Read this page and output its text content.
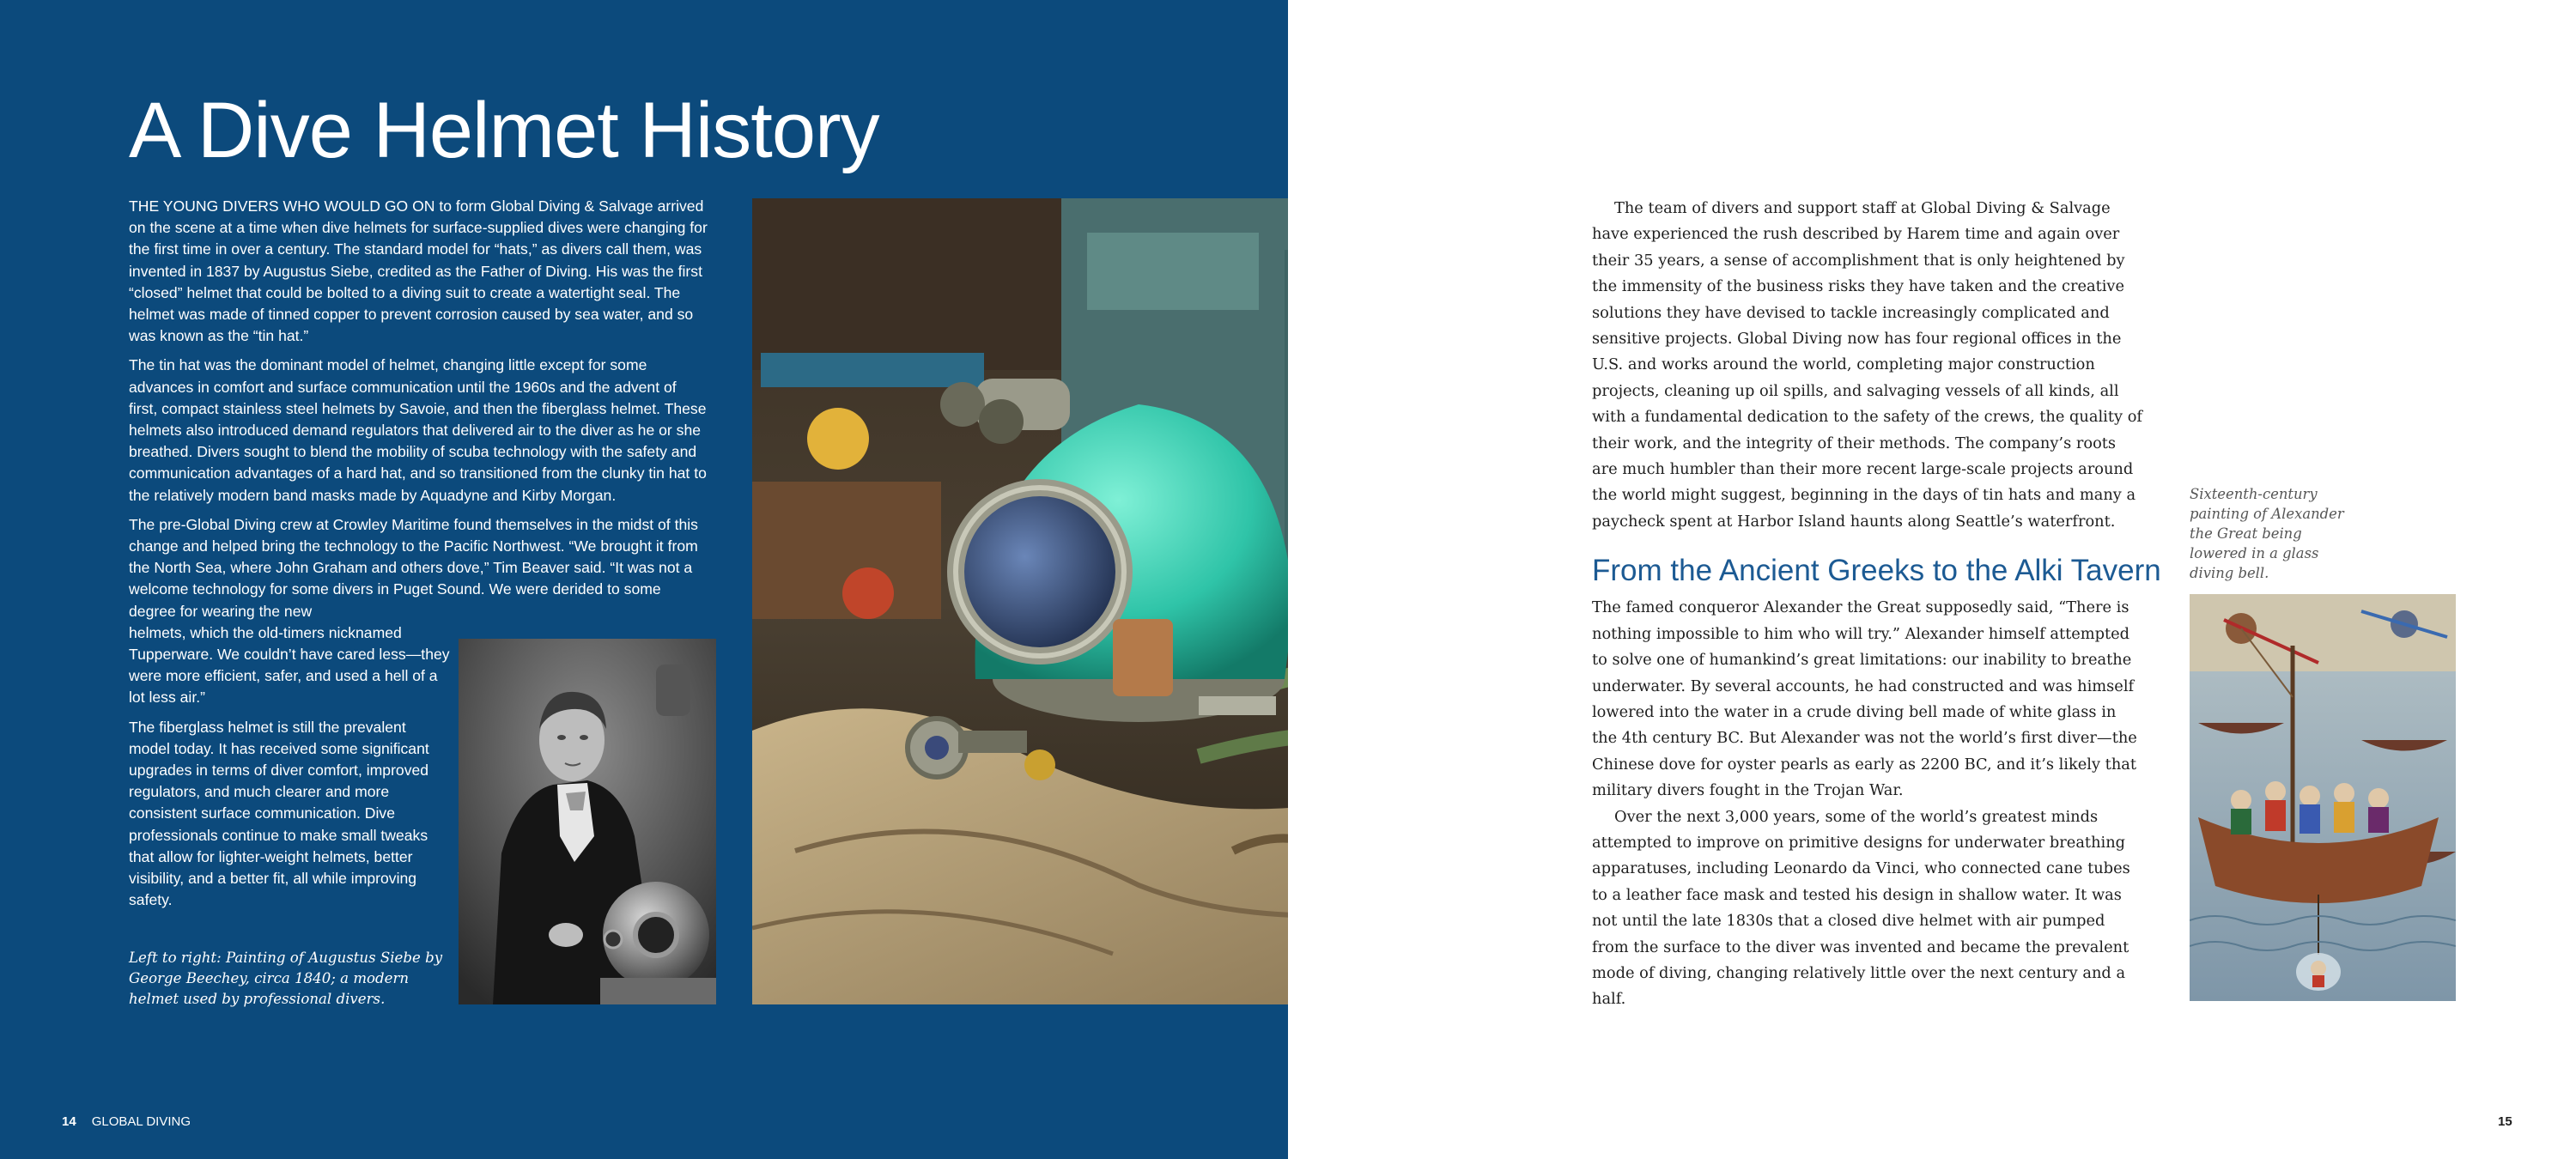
A Dive Helmet History

THE YOUNG DIVERS WHO WOULD GO ON to form Global Diving & Salvage arrived on the scene at a time when dive helmets for surface-supplied dives were changing for the first time in over a century. The standard model for “hats,” as divers call them, was invented in 1837 by Augustus Siebe, credited as the Father of Diving. His was the first “closed” helmet that could be bolted to a diving suit to create a watertight seal. The helmet was made of tinned copper to prevent corrosion caused by sea water, and so was known as the “tin hat.”

The tin hat was the dominant model of helmet, changing little except for some advances in comfort and surface communication until the 1960s and the advent of first, compact stainless steel helmets by Savoie, and then the fiberglass helmet. These helmets also introduced demand regulators that delivered air to the diver as he or she breathed. Divers sought to blend the mobility of scuba technology with the safety and communication advantages of a hard hat, and so transitioned from the clunky tin hat to the relatively modern band masks made by Aquadyne and Kirby Morgan.

The pre-Global Diving crew at Crowley Maritime found themselves in the midst of this change and helped bring the technology to the Pacific Northwest. “We brought it from the North Sea, where John Graham and others dove,” Tim Beaver said. “It was not a welcome technology for some divers in Puget Sound. We were derided to some degree for wearing the new
helmets, which the old-timers nicknamed Tupperware. We couldn’t have cared less—they were more efficient, safer, and used a hell of a lot less air.”

The fiberglass helmet is still the prevalent model today. It has received some significant upgrades in terms of diver comfort, improved regulators, and much clearer and more consistent surface communication. Dive professionals continue to make small tweaks that allow for lighter-weight helmets, better visibility, and a better fit, all while improving safety.

Left to right: Painting of Augustus Siebe by George Beechey, circa 1840; a modern helmet used by professional divers.

14 GLOBAL DIVING

The team of divers and support staff at Global Diving & Salvage have experienced the rush described by Harem time and again over their 35 years, a sense of accomplishment that is only heightened by the immensity of the business risks they have taken and the creative solutions they have devised to tackle increasingly complicated and sensitive projects. Global Diving now has four regional offices in the U.S. and works around the world, completing major construction projects, cleaning up oil spills, and salvaging vessels of all kinds, all with a fundamental dedication to the safety of the crews, the quality of their work, and the integrity of their methods. The company’s roots are much humbler than their more recent large-scale projects around the world might suggest, beginning in the days of tin hats and many a paycheck spent at Harbor Island haunts along Seattle’s waterfront.

From the Ancient Greeks to the Alki Tavern

The famed conqueror Alexander the Great supposedly said, “There is nothing impossible to him who will try.” Alexander himself attempted to solve one of humankind’s great limitations: our inability to breathe underwater. By several accounts, he had constructed and was himself lowered into the water in a crude diving bell made of white glass in the 4th century BC. But Alexander was not the world’s first diver—the Chinese dove for oyster pearls as early as 2200 BC, and it’s likely that military divers fought in the Trojan War.

Over the next 3,000 years, some of the world’s greatest minds attempted to improve on primitive designs for underwater breathing apparatuses, including Leonardo da Vinci, who connected cane tubes to a leather face mask and tested his design in shallow water. It was not until the late 1830s that a closed dive helmet with air pumped from the surface to the diver was invented and became the prevalent mode of diving, changing relatively little over the next century and a half.

Sixteenth-century painting of Alexander the Great being lowered in a glass diving bell.

15
